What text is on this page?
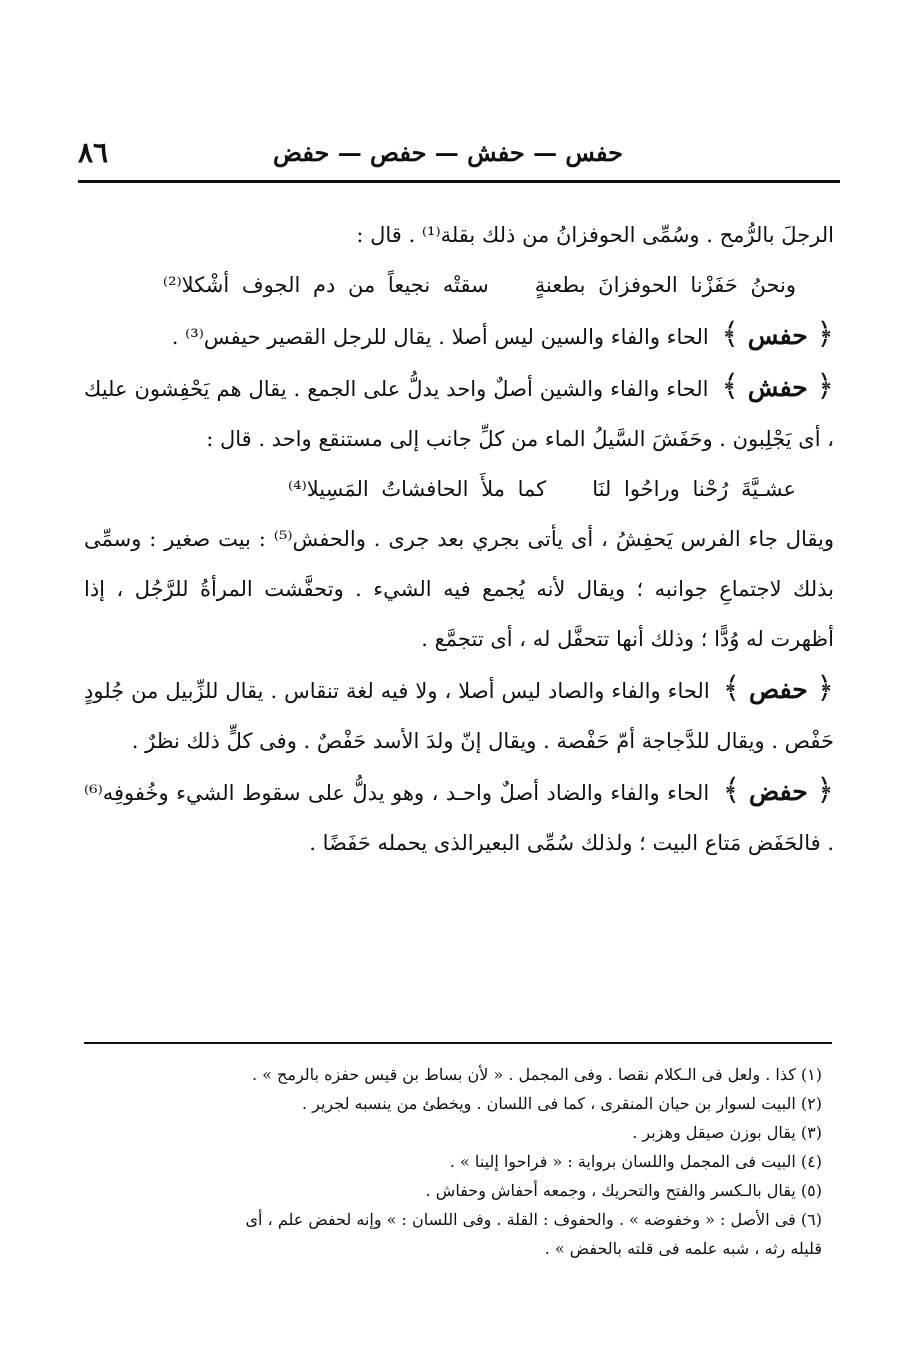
٨٦	حفس — حفش — حفص — حفض

الرجلَ بالرُّمح . وسُمِّى الحوفزانُ من ذلك بقلة⁽¹⁾ . قال :

ونحنُ حَفَزْنا الحوفزانَ بطعنةٍسقتْه نجيعاً من دم الجوف أشْكلا⁽²⁾

﴿ حفس ﴾ الحاء والفاء والسين ليس أصلا . يقال للرجل القصير حيفس⁽³⁾ .

﴿ حفش ﴾ الحاء والفاء والشين أصلٌ واحد يدلُّ على الجمع . يقال هم يَحْفِشون عليك ، أى يَجْلِبون . وحَفَشَ السَّيلُ الماء من كلِّ جانب إلى مستنقع واحد . قال :

عشـيَّةَ رُحْنا وراحُوا لنَاكما ملأَ الحافشاتُ المَسِيلا⁽⁴⁾

ويقال جاء الفرس يَحفِشُ ، أى يأتى بجري بعد جرى . والحفش⁽⁵⁾ : بيت صغير : وسمِّى بذلك لاجتماعِ جوانبه ؛ ويقال لأنه يُجمع فيه الشيء . وتحفَّشت المرأةُ للرَّجُل ، إذا أظهرت له وُدًّا ؛ وذلك أنها تتحفَّل له ، أى تتجمَّع .

﴿ حفص ﴾ الحاء والفاء والصاد ليس أصلا ، ولا فيه لغة تنقاس . يقال للزِّبيل من جُلودٍ حَفْص . ويقال للدَّجاجة أمّ حَفْصة . ويقال إنّ ولدَ الأسد حَفْصٌ . وفى كلٍّ ذلك نظرٌ .

﴿ حفض ﴾ الحاء والفاء والضاد أصلٌ واحـد ، وهو يدلُّ على سقوط الشيء وخُفوفِه⁽⁶⁾ . فالحَفَض مَتاع البيت ؛ ولذلك سُمِّى البعيرالذى يحمله حَفَضًا .

(١) كذا . ولعل فى الـكلام نقصا . وفى المجمل . « لأن بساط بن قيس حفزه بالرمح » .
(٢) البيت لسوار بن حيان المنقرى ، كما فى اللسان . ويخطئ من ينسبه لجرير .
(٣) يقال بوزن صيقل وهزبر .
(٤) البيت فى المجمل واللسان برواية : « فراحوا إلينا » .
(٥) يقال بالـكسر والفتح والتحريك ، وجمعه أحفاش وحفاش .
(٦) فى الأصل : « وخفوضه » . والحفوف : القلة . وفى اللسان : » وإنه لحفض علم ، أى
قليله رثه ، شبه علمه فى قلته بالحفض » .
